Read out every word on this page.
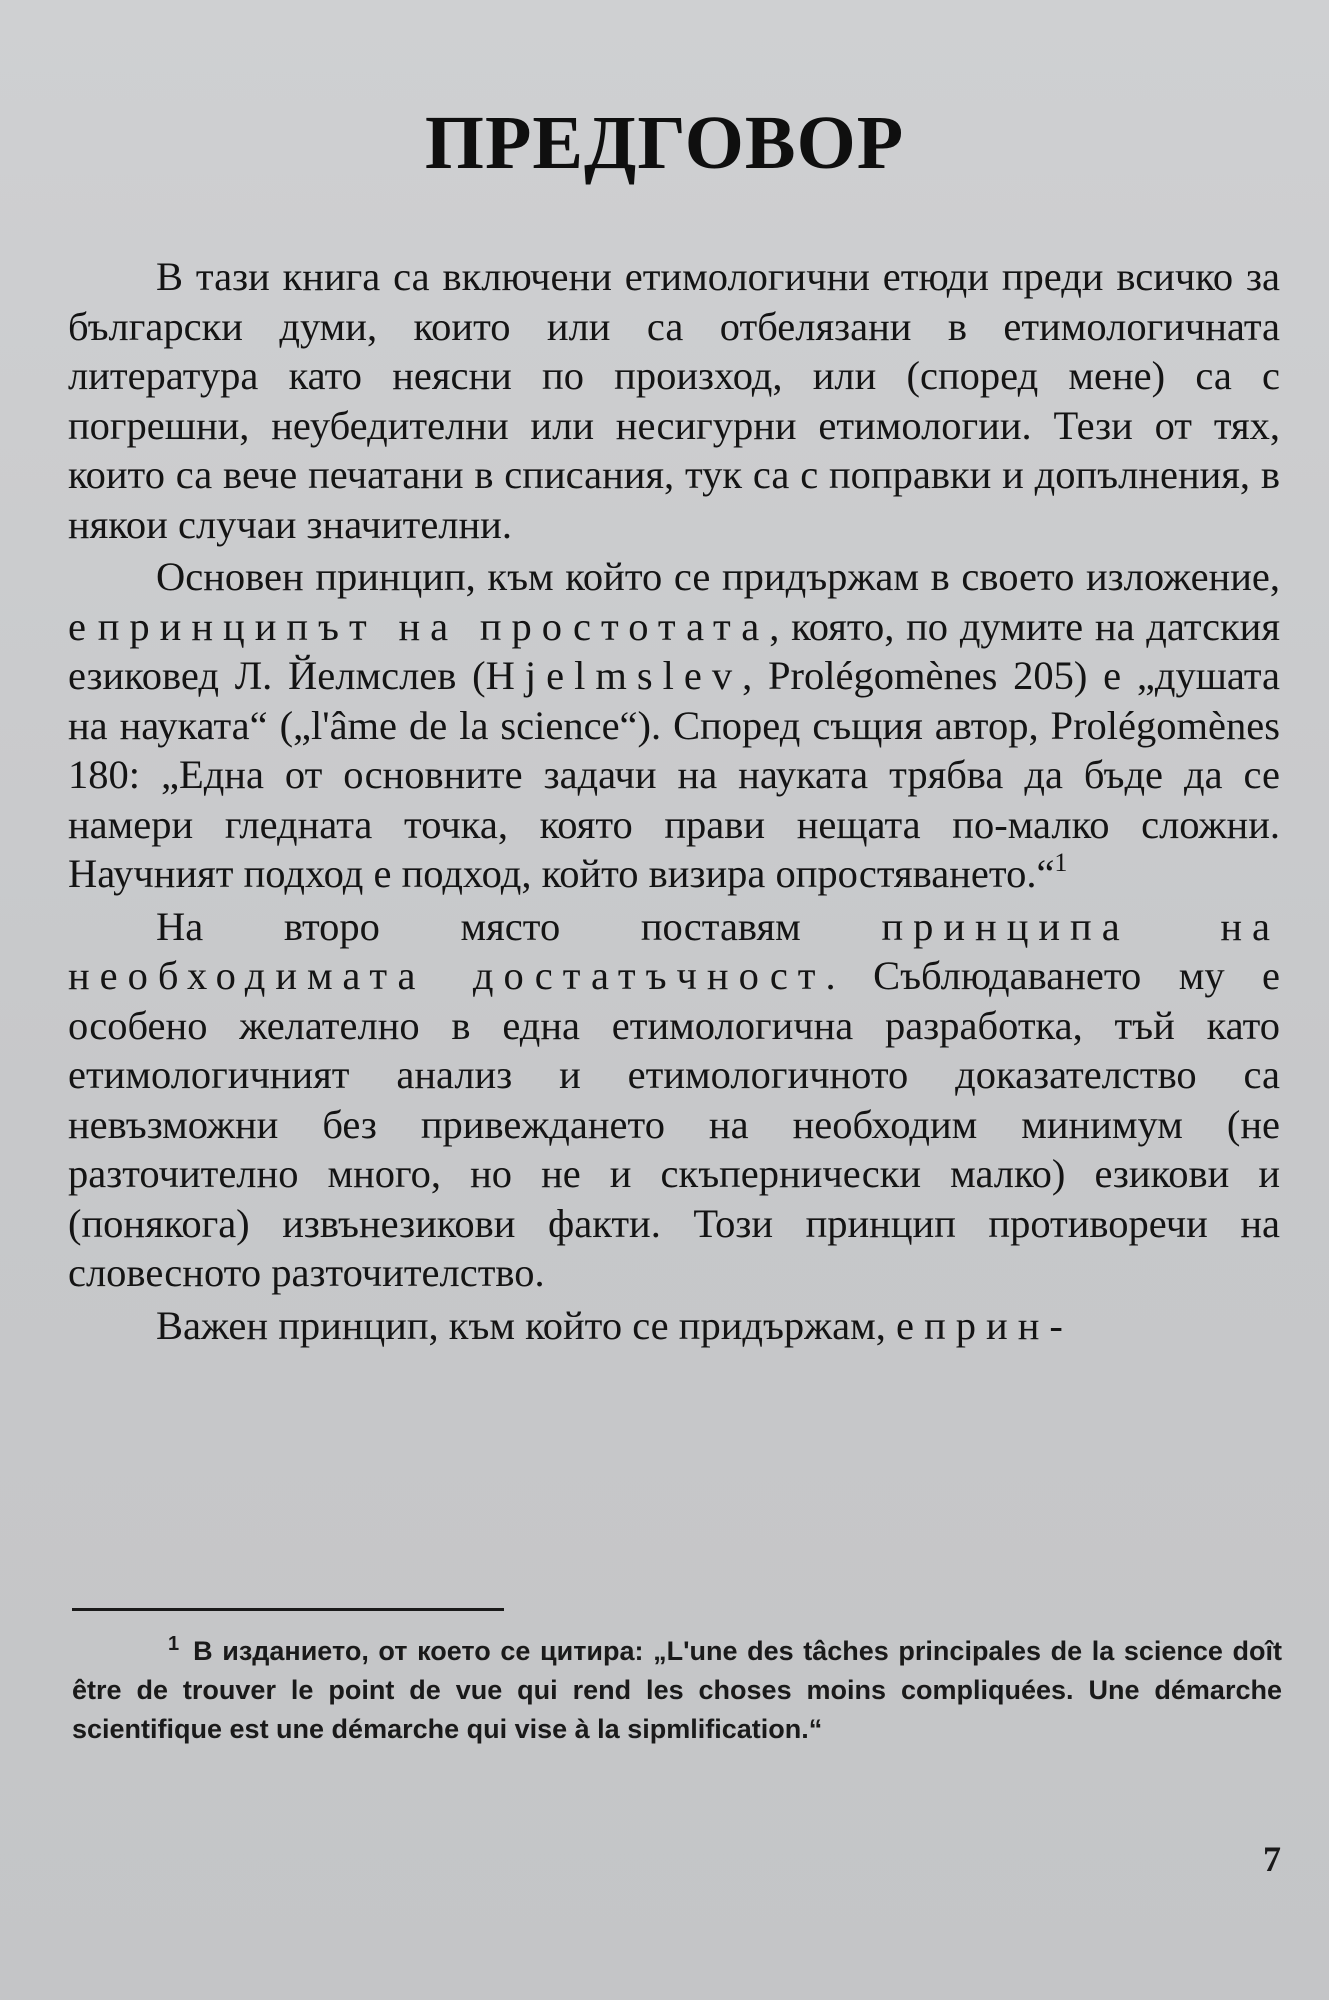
ПРЕДГОВОР

В тази книга са включени етимологични етюди преди всичко за български думи, които или са отбелязани в етимологичната литература като неясни по произход, или (според мене) са с погрешни, неубедителни или несигурни етимологии. Тези от тях, които са вече печатани в списания, тук са с поправки и допълнения, в някои случаи значителни.

Основен принцип, към който се придържам в своето изложение, е принципът на простотата, която, по думите на датския езиковед Л. Йелмслев (Hjelmslev, Prolégomènes 205) е „душата на науката“ („l'âme de la science“). Според същия автор, Prolégomènes 180: „Една от основните задачи на науката трябва да бъде да се намери гледната точка, която прави нещата по-малко сложни. Научният подход е подход, който визира опростяването.“$^1$

На второ място поставям принципа на необходимата достатъчност. Съблюдаването му е особено желателно в една етимологична разработка, тъй като етимологичният анализ и етимологичното доказателство са невъзможни без привеждането на необходим минимум (не разточително много, но не и скъпернически малко) езикови и (понякога) извънезикови факти. Този принцип противоречи на словесното разточителство.

Важен принцип, към който се придържам, е прин-

$^1$ В изданието, от което се цитира: „L'une des tâches principales de la science doît être de trouver le point de vue qui rend les choses moins compliquées. Une démarche scientifique est une démarche qui vise à la sipmlification.“
7
